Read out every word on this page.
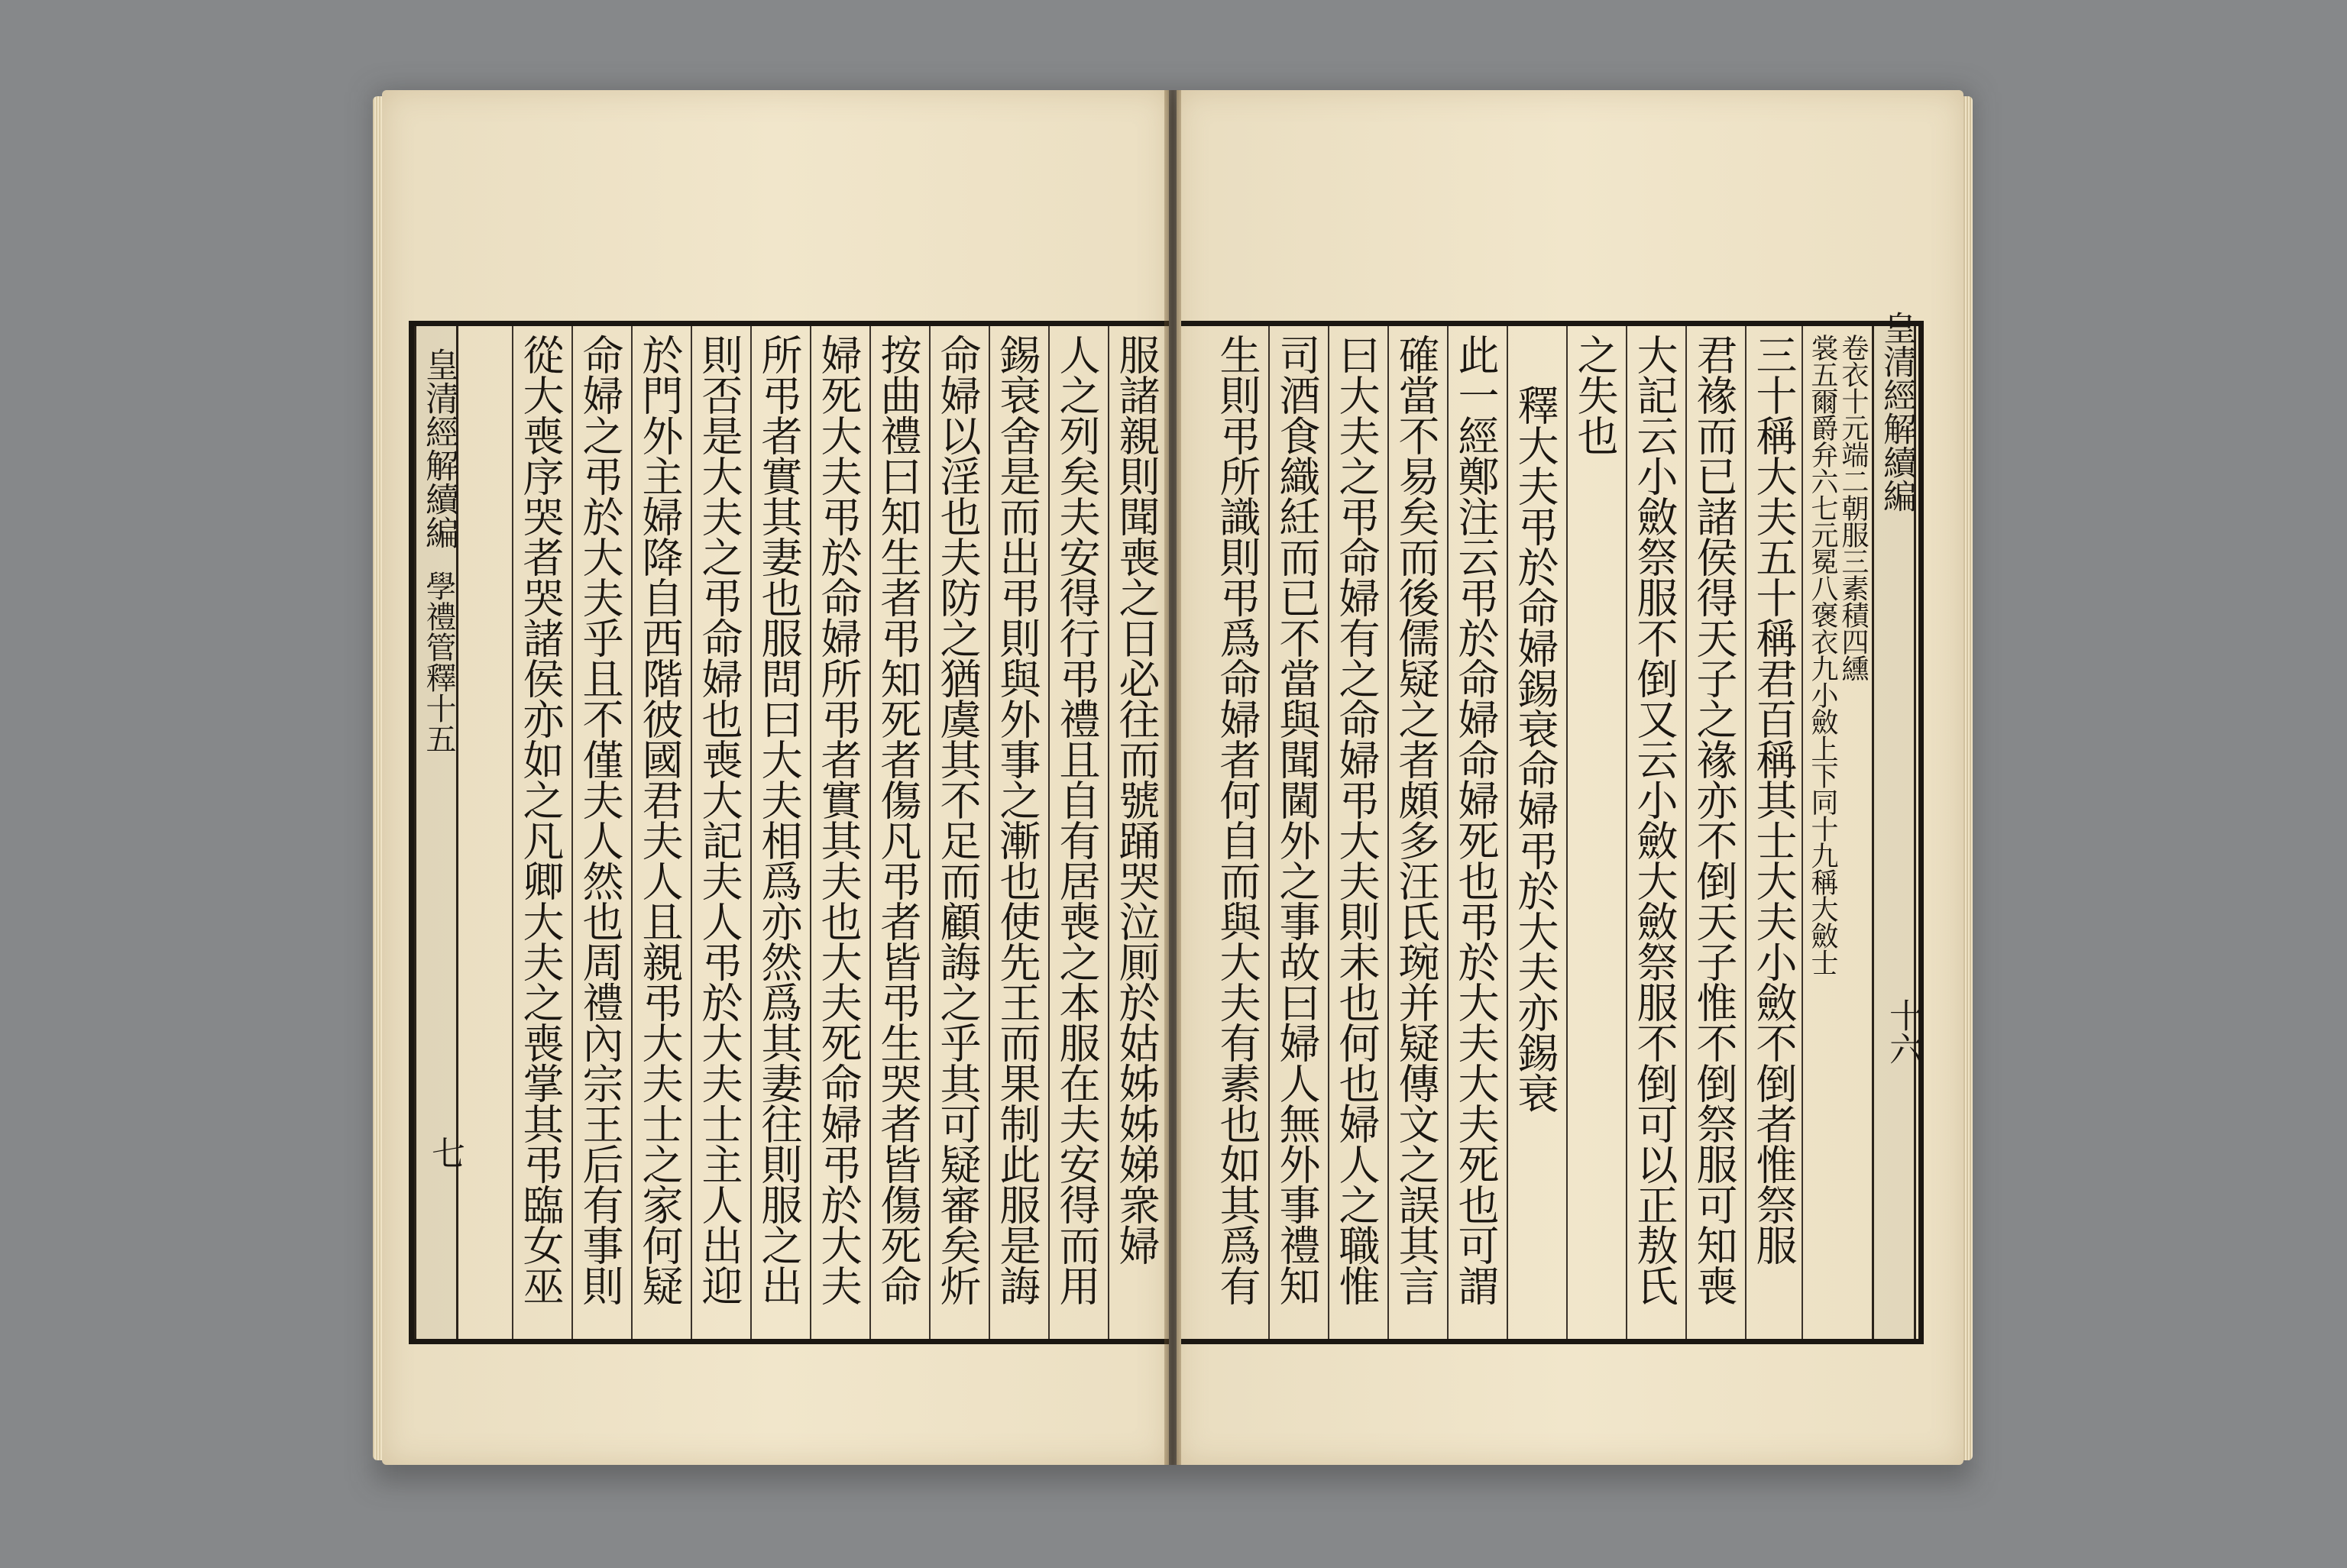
皇清經解續編
學禮管釋十五
七	服諸親則聞喪之日必往而號踊哭泣厠於姑姊姊娣衆婦
人之列矣夫安得行弔禮且自有居喪之本服在夫安得而用
錫衰舍是而出弔則與外事之漸也使先王而果制此服是誨
命婦以淫也夫防之猶虞其不足而顧誨之乎其可疑審矣炘
按曲禮曰知生者弔知死者傷凡弔者皆弔生哭者皆傷死命
婦死大夫弔於命婦所弔者實其夫也大夫死命婦弔於大夫
所弔者實其妻也服問曰大夫相爲亦然爲其妻往則服之出
則否是大夫之弔命婦也喪大記夫人弔於大夫士主人出迎
於門外主婦降自西階彼國君夫人且親弔大夫士之家何疑
命婦之弔於大夫乎且不僅夫人然也周禮內宗王后有事則
從大喪序哭者哭諸侯亦如之凡卿大夫之喪掌其弔臨女巫	皇清經解續編
十六
卷衣十元端二朝服三素積四纁
裳五爾爵弁六七元冕八褒衣九小斂上下同十九稱大斂士
三十稱大夫五十稱君百稱其士大夫小斂不倒者惟祭服
君褖而已諸侯得天子之褖亦不倒天子惟不倒祭服可知喪
大記云小斂祭服不倒又云小斂大斂祭服不倒可以正敖氏
之失也
釋大夫弔於命婦錫衰命婦弔於大夫亦錫衰
此一經鄭注云弔於命婦命婦死也弔於大夫大夫死也可謂
確當不易矣而後儒疑之者頗多汪氏琬并疑傳文之誤其言
曰大夫之弔命婦有之命婦弔大夫則未也何也婦人之職惟
司酒食織紝而已不當與聞閫外之事故曰婦人無外事禮知
生則弔所識則弔爲命婦者何自而與大夫有素也如其爲有
